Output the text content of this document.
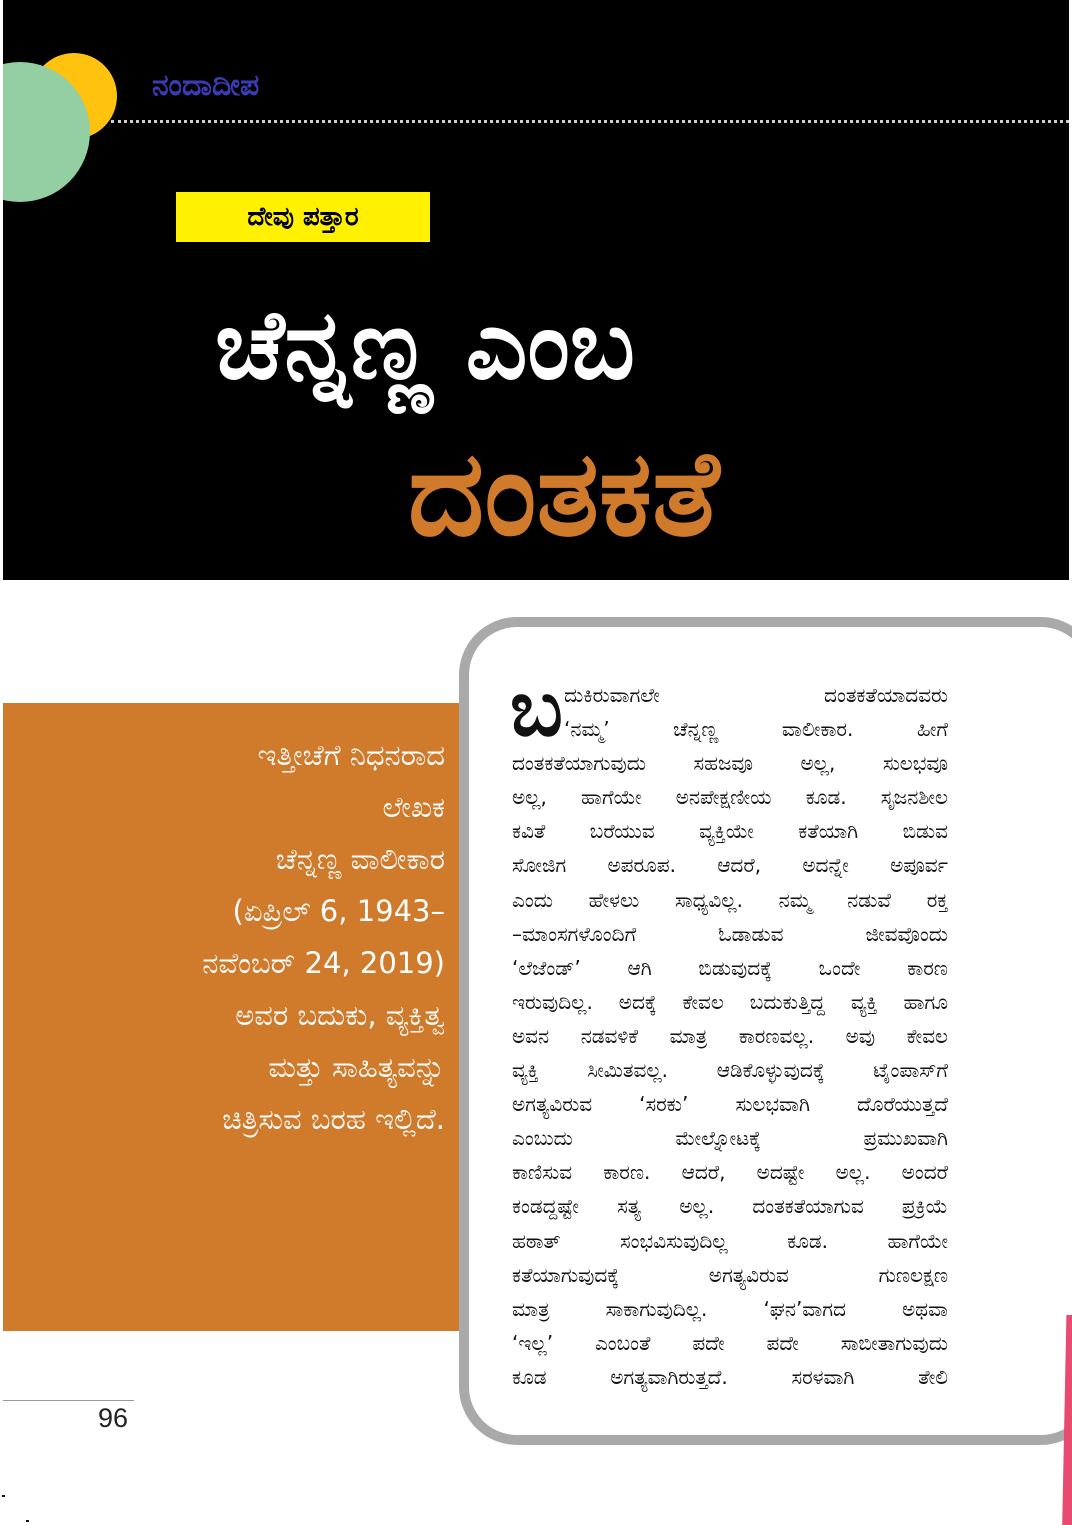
ನಂದಾದೀಪ
ದೇವು ಪತ್ತಾರ
ಚೆನ್ನಣ್ಣ ಎಂಬ
ದಂತಕತೆ

ಇತ್ತೀಚೆಗೆ ನಿಧನರಾದ
ಲೇಖಕ
ಚೆನ್ನಣ್ಣ ವಾಲೀಕಾರ
(ಏಪ್ರಿಲ್ 6, 1943–
ನವೆಂಬರ್ 24, 2019)
ಅವರ ಬದುಕು, ವ್ಯಕ್ತಿತ್ವ
ಮತ್ತು ಸಾಹಿತ್ಯವನ್ನು
ಚಿತ್ರಿಸುವ ಬರಹ ಇಲ್ಲಿದೆ.

ಬ ದುಕಿರುವಾಗಲೇ ದಂತಕತೆಯಾದವರು
‘ನಮ್ಮ’ ಚೆನ್ನಣ್ಣ ವಾಲೀಕಾರ. ಹೀಗೆ
ದಂತಕತೆಯಾಗುವುದು ಸಹಜವೂ ಅಲ್ಲ, ಸುಲಭವೂ
ಅಲ್ಲ, ಹಾಗೆಯೇ ಅನಪೇಕ್ಷಣೀಯ ಕೂಡ. ಸೃಜನಶೀಲ
ಕವಿತೆ ಬರೆಯುವ ವ್ಯಕ್ತಿಯೇ ಕತೆಯಾಗಿ ಬಿಡುವ
ಸೋಜಿಗ ಅಪರೂಪ. ಆದರೆ, ಅದನ್ನೇ ಅಪೂರ್ವ
ಎಂದು ಹೇಳಲು ಸಾಧ್ಯವಿಲ್ಲ. ನಮ್ಮ ನಡುವೆ ರಕ್ತ
–ಮಾಂಸಗಳೊಂದಿಗೆ ಓಡಾಡುವ ಜೀವವೊಂದು
‘ಲೆಜೆಂಡ್’ ಆಗಿ ಬಿಡುವುದಕ್ಕೆ ಒಂದೇ ಕಾರಣ
ಇರುವುದಿಲ್ಲ. ಅದಕ್ಕೆ ಕೇವಲ ಬದುಕುತ್ತಿದ್ದ ವ್ಯಕ್ತಿ ಹಾಗೂ
ಅವನ ನಡವಳಿಕೆ ಮಾತ್ರ ಕಾರಣವಲ್ಲ. ಅವು ಕೇವಲ
ವ್ಯಕ್ತಿ ಸೀಮಿತವಲ್ಲ. ಆಡಿಕೊಳ್ಳುವುದಕ್ಕೆ ಟೈಂಪಾಸ್‌ಗೆ
ಅಗತ್ಯವಿರುವ ‘ಸರಕು’ ಸುಲಭವಾಗಿ ದೊರೆಯುತ್ತದೆ
ಎಂಬುದು ಮೇಲ್ನೋಟಕ್ಕೆ ಪ್ರಮುಖವಾಗಿ
ಕಾಣಿಸುವ ಕಾರಣ. ಆದರೆ, ಅದಷ್ಟೇ ಅಲ್ಲ. ಅಂದರೆ
ಕಂಡದ್ದಷ್ಟೇ ಸತ್ಯ ಅಲ್ಲ. ದಂತಕತೆಯಾಗುವ ಪ್ರಕ್ರಿಯೆ
ಹಠಾತ್ ಸಂಭವಿಸುವುದಿಲ್ಲ ಕೂಡ. ಹಾಗೆಯೇ
ಕತೆಯಾಗುವುದಕ್ಕೆ ಅಗತ್ಯವಿರುವ ಗುಣಲಕ್ಷಣ
ಮಾತ್ರ ಸಾಕಾಗುವುದಿಲ್ಲ. ‘ಘನ’ವಾಗದ ಅಥವಾ
‘ಇಲ್ಲ’ ಎಂಬಂತೆ ಪದೇ ಪದೇ ಸಾಬೀತಾಗುವುದು
ಕೂಡ ಅಗತ್ಯವಾಗಿರುತ್ತದೆ. ಸರಳವಾಗಿ ತೇಲಿ
96
